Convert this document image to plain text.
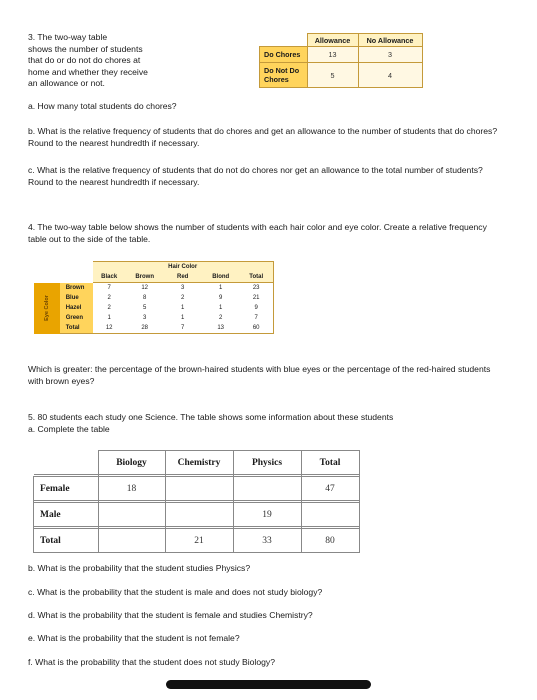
3. The two-way table
shows the number of students
that do or do not do chores at
home and whether they receive
an allowance or not.
	Allowance	No Allowance
Do Chores	13	3
Do Not Do Chores	5	4
a. How many total students do chores?
b. What is the relative frequency of students that do chores and get an allowance to the number of students that do chores? Round to the nearest hundredth if necessary.
c. What is the relative frequency of students that do not do chores nor get an allowance to the total number of students? Round to the nearest hundredth if necessary.
4. The two-way table below shows the number of students with each hair color and eye color. Create a relative frequency table out to the side of the table.
				Hair Color		
		Black	Brown	Red	Blond	Total

Eye Color	Brown	7	12	3	1	23
	Blue	2	8	2	9	21
	Hazel	2	5	1	1	9
	Green	1	3	1	2	7
	Total	12	28	7	13	60
Which is greater: the percentage of the brown-haired students with blue eyes or the percentage of the red-haired students with brown eyes?
5. 80 students each study one Science. The table shows some information about these students
a. Complete the table
	Biology	Chemistry	Physics	Total

Female	18			47

Male			19	

Total		21	33	80
b. What is the probability that the student studies Physics?
c. What is the probability that the student is male and does not study biology?
d. What is the probability that the student is female and studies Chemistry?
e. What is the probability that the student is not female?
f. What is the probability that the student does not study Biology?
